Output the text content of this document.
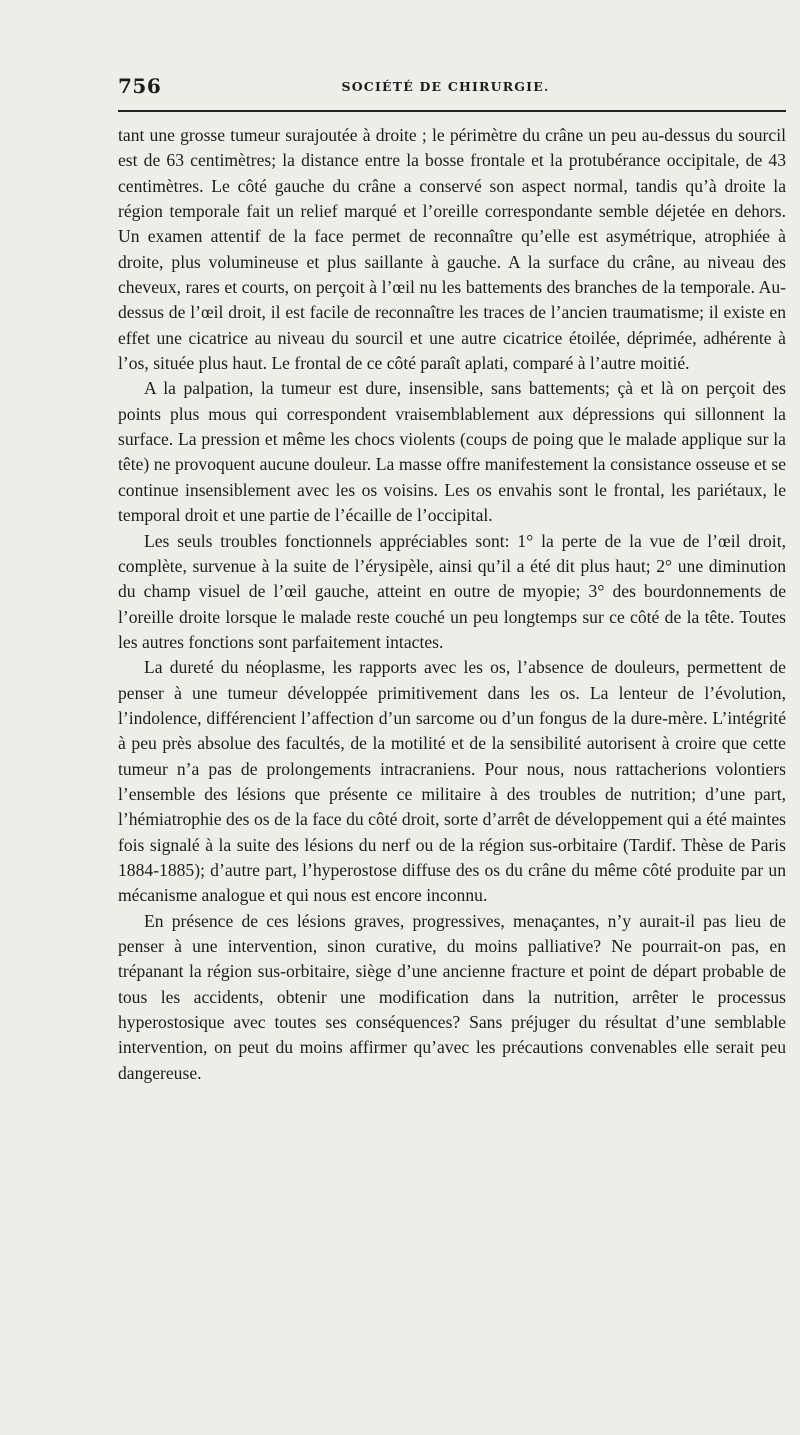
756	SOCIÉTÉ DE CHIRURGIE.

tant une grosse tumeur surajoutée à droite ; le périmètre du crâne un peu au-dessus du sourcil est de 63 centimètres; la distance entre la bosse frontale et la protubérance occipitale, de 43 centimètres. Le côté gauche du crâne a conservé son aspect normal, tandis qu’à droite la région temporale fait un relief marqué et l’oreille correspondante semble déjetée en dehors. Un examen attentif de la face permet de reconnaître qu’elle est asymétrique, atrophiée à droite, plus volumineuse et plus saillante à gauche. A la surface du crâne, au niveau des cheveux, rares et courts, on perçoit à l’œil nu les battements des branches de la temporale. Au-dessus de l’œil droit, il est facile de reconnaître les traces de l’ancien traumatisme; il existe en effet une cicatrice au niveau du sourcil et une autre cicatrice étoilée, déprimée, adhérente à l’os, située plus haut. Le frontal de ce côté paraît aplati, comparé à l’autre moitié.

A la palpation, la tumeur est dure, insensible, sans battements; çà et là on perçoit des points plus mous qui correspondent vraisemblablement aux dépressions qui sillonnent la surface. La pression et même les chocs violents (coups de poing que le malade applique sur la tête) ne provoquent aucune douleur. La masse offre manifestement la consistance osseuse et se continue insensiblement avec les os voisins. Les os envahis sont le frontal, les pariétaux, le temporal droit et une partie de l’écaille de l’occipital.

Les seuls troubles fonctionnels appréciables sont: 1° la perte de la vue de l’œil droit, complète, survenue à la suite de l’érysipèle, ainsi qu’il a été dit plus haut; 2° une diminution du champ visuel de l’œil gauche, atteint en outre de myopie; 3° des bourdonnements de l’oreille droite lorsque le malade reste couché un peu longtemps sur ce côté de la tête. Toutes les autres fonctions sont parfaitement intactes.

La dureté du néoplasme, les rapports avec les os, l’absence de douleurs, permettent de penser à une tumeur développée primitivement dans les os. La lenteur de l’évolution, l’indolence, différencient l’affection d’un sarcome ou d’un fongus de la dure-mère. L’intégrité à peu près absolue des facultés, de la motilité et de la sensibilité autorisent à croire que cette tumeur n’a pas de prolongements intracraniens. Pour nous, nous rattacherions volontiers l’ensemble des lésions que présente ce militaire à des troubles de nutrition; d’une part, l’hémiatrophie des os de la face du côté droit, sorte d’arrêt de développement qui a été maintes fois signalé à la suite des lésions du nerf ou de la région sus-orbitaire (Tardif. Thèse de Paris 1884-1885); d’autre part, l’hyperostose diffuse des os du crâne du même côté produite par un mécanisme analogue et qui nous est encore inconnu.

En présence de ces lésions graves, progressives, menaçantes, n’y aurait-il pas lieu de penser à une intervention, sinon curative, du moins palliative? Ne pourrait-on pas, en trépanant la région sus-orbitaire, siège d’une ancienne fracture et point de départ probable de tous les accidents, obtenir une modification dans la nutrition, arrêter le processus hyperostosique avec toutes ses conséquences? Sans préjuger du résultat d’une semblable intervention, on peut du moins affirmer qu’avec les précautions convenables elle serait peu dangereuse.
